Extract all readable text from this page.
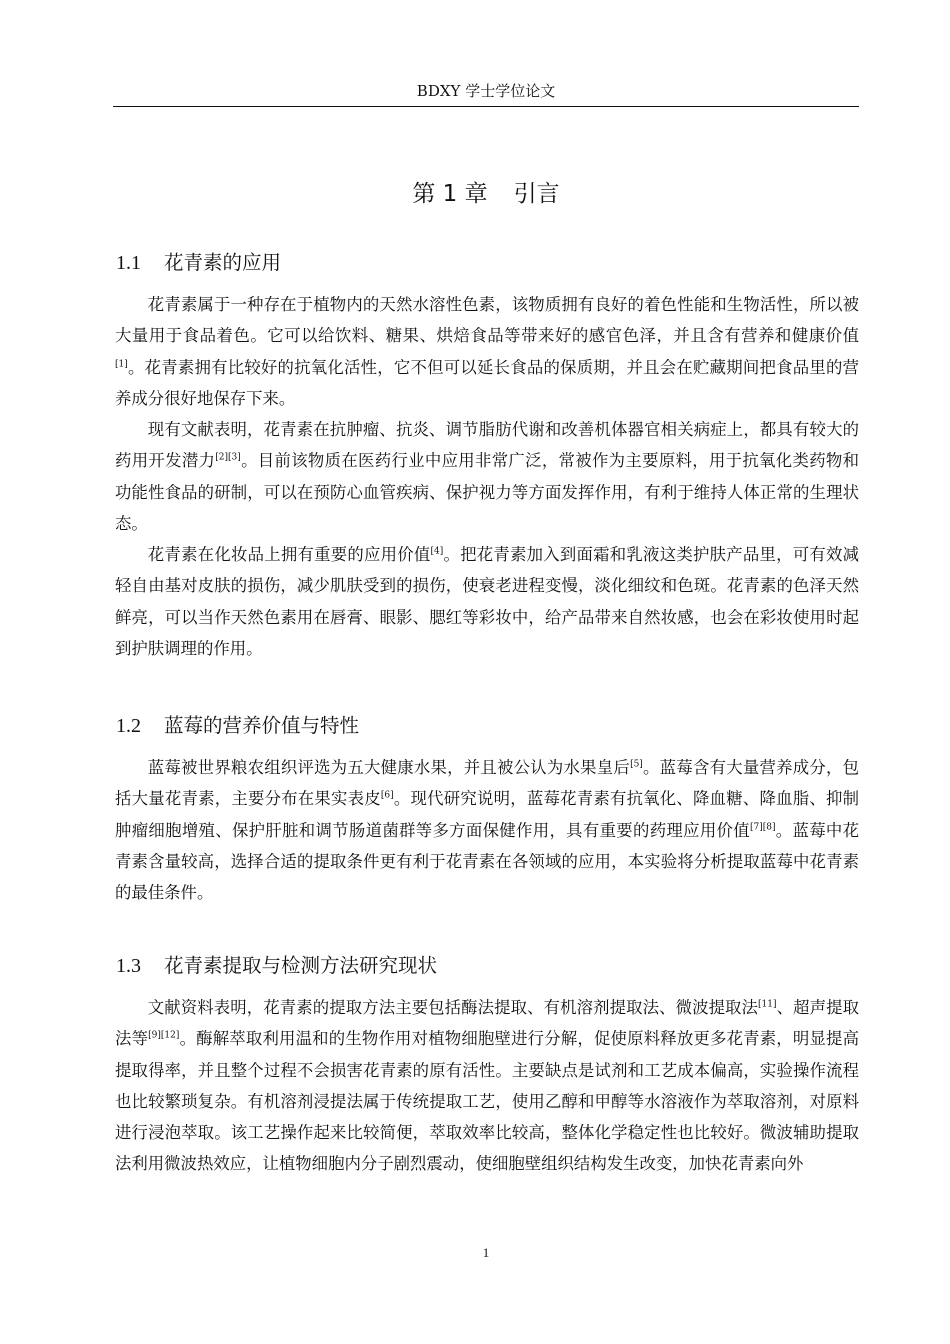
BDXY 学士学位论文
第 1 章 引言
1.1 花青素的应用

花青素属于一种存在于植物内的天然水溶性色素，该物质拥有良好的着色性能和生物活性，所以被大量用于食品着色。它可以给饮料、糖果、烘焙食品等带来好的感官色泽，并且含有营养和健康价值[1]。花青素拥有比较好的抗氧化活性，它不但可以延长食品的保质期，并且会在贮藏期间把食品里的营养成分很好地保存下来。

现有文献表明，花青素在抗肿瘤、抗炎、调节脂肪代谢和改善机体器官相关病症上，都具有较大的药用开发潜力[2][3]。目前该物质在医药行业中应用非常广泛，常被作为主要原料，用于抗氧化类药物和功能性食品的研制，可以在预防心血管疾病、保护视力等方面发挥作用，有利于维持人体正常的生理状态。

花青素在化妆品上拥有重要的应用价值[4]。把花青素加入到面霜和乳液这类护肤产品里，可有效减轻自由基对皮肤的损伤，减少肌肤受到的损伤，使衰老进程变慢，淡化细纹和色斑。花青素的色泽天然鲜亮，可以当作天然色素用在唇膏、眼影、腮红等彩妆中，给产品带来自然妆感，也会在彩妆使用时起到护肤调理的作用。

1.2 蓝莓的营养价值与特性

蓝莓被世界粮农组织评选为五大健康水果，并且被公认为水果皇后[5]。蓝莓含有大量营养成分，包括大量花青素，主要分布在果实表皮[6]。现代研究说明，蓝莓花青素有抗氧化、降血糖、降血脂、抑制肿瘤细胞增殖、保护肝脏和调节肠道菌群等多方面保健作用，具有重要的药理应用价值[7][8]。蓝莓中花青素含量较高，选择合适的提取条件更有利于花青素在各领域的应用，本实验将分析提取蓝莓中花青素的最佳条件。

1.3 花青素提取与检测方法研究现状

文献资料表明，花青素的提取方法主要包括酶法提取、有机溶剂提取法、微波提取法[11]、超声提取法等[9][12]。酶解萃取利用温和的生物作用对植物细胞壁进行分解，促使原料释放更多花青素，明显提高提取得率，并且整个过程不会损害花青素的原有活性。主要缺点是试剂和工艺成本偏高，实验操作流程也比较繁琐复杂。有机溶剂浸提法属于传统提取工艺，使用乙醇和甲醇等水溶液作为萃取溶剂，对原料进行浸泡萃取。该工艺操作起来比较简便，萃取效率比较高，整体化学稳定性也比较好。微波辅助提取法利用微波热效应，让植物细胞内分子剧烈震动，使细胞壁组织结构发生改变，加快花青素向外

1
